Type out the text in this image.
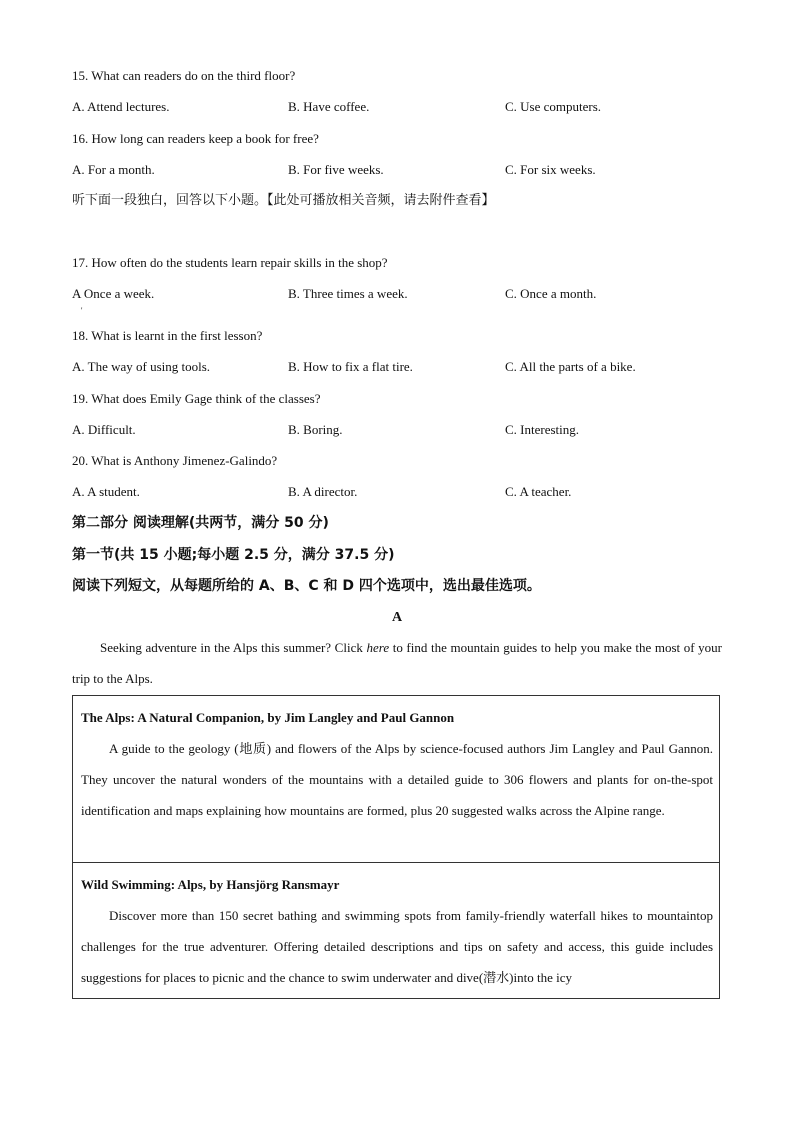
15. What can readers do on the third floor?
A. Attend lectures.	B. Have coffee.	C. Use computers.
16. How long can readers keep a book for free?
A. For a month.	B. For five weeks.	C. For six weeks.
听下面一段独白，回答以下小题。【此处可播放相关音频，请去附件查看】
17. How often do the students learn repair skills in the shop?
A Once a week.	B. Three times a week.	C. Once a month.
'
18. What is learnt in the first lesson?
A. The way of using tools.	B. How to fix a flat tire.	C. All the parts of a bike.
19. What does Emily Gage think of the classes?
A. Difficult.	B. Boring.	C. Interesting.
20. What is Anthony Jimenez-Galindo?
A. A student.	B. A director.	C. A teacher.
第二部分 阅读理解(共两节，满分 50 分)
第一节(共 15 小题;每小题 2.5 分，满分 37.5 分)
阅读下列短文，从每题所给的 A、B、C 和 D 四个选项中，选出最佳选项。
A
Seeking adventure in the Alps this summer? Click here to find the mountain guides to help you make the most of your trip to the Alps.
The Alps: A Natural Companion, by Jim Langley and Paul Gannon
A guide to the geology (地质) and flowers of the Alps by science-focused authors Jim Langley and Paul Gannon. They uncover the natural wonders of the mountains with a detailed guide to 306 flowers and plants for on-the-spot identification and maps explaining how mountains are formed, plus 20 suggested walks across the Alpine range.
Wild Swimming: Alps, by Hansjörg Ransmayr
Discover more than 150 secret bathing and swimming spots from family-friendly waterfall hikes to mountaintop challenges for the true adventurer. Offering detailed descriptions and tips on safety and access, this guide includes suggestions for places to picnic and the chance to swim underwater and dive(潜水)into the icy
